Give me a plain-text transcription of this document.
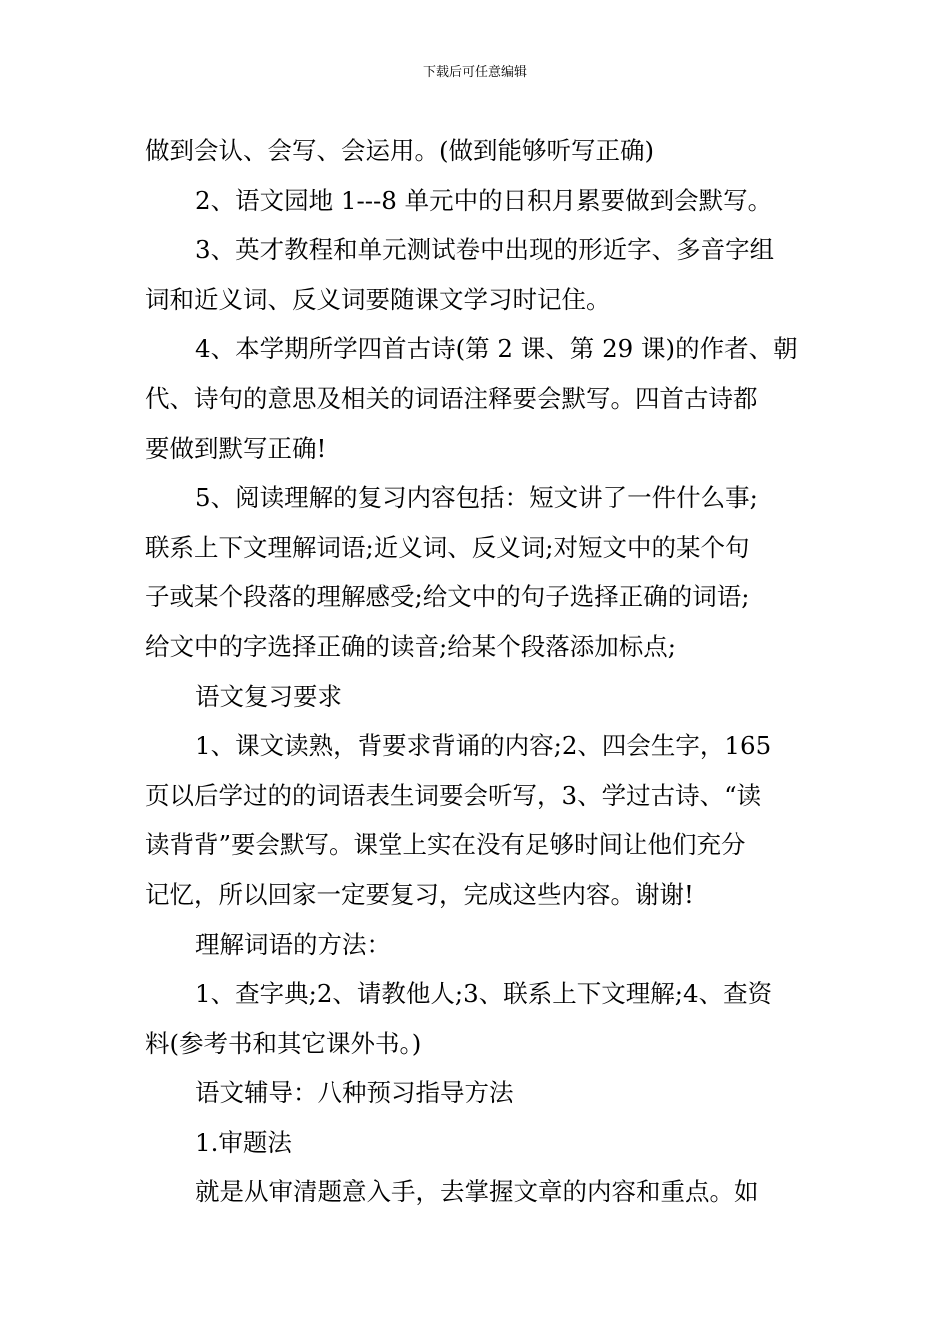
下载后可任意编辑
做到会认、会写、会运用。(做到能够听写正确)
2、语文园地 1---8 单元中的日积月累要做到会默写。
3、英才教程和单元测试卷中出现的形近字、多音字组
词和近义词、反义词要随课文学习时记住。
4、本学期所学四首古诗(第 2 课、第 29 课)的作者、朝
代、诗句的意思及相关的词语注释要会默写。四首古诗都
要做到默写正确!
5、阅读理解的复习内容包括：短文讲了一件什么事;
联系上下文理解词语;近义词、反义词;对短文中的某个句
子或某个段落的理解感受;给文中的句子选择正确的词语;
给文中的字选择正确的读音;给某个段落添加标点;
语文复习要求
1、课文读熟，背要求背诵的内容;2、四会生字，165
页以后学过的的词语表生词要会听写，3、学过古诗、“读
读背背”要会默写。课堂上实在没有足够时间让他们充分
记忆，所以回家一定要复习，完成这些内容。谢谢!
理解词语的方法：
1、查字典;2、请教他人;3、联系上下文理解;4、查资
料(参考书和其它课外书。)
语文辅导：八种预习指导方法
1.审题法
就是从审清题意入手，去掌握文章的内容和重点。如
